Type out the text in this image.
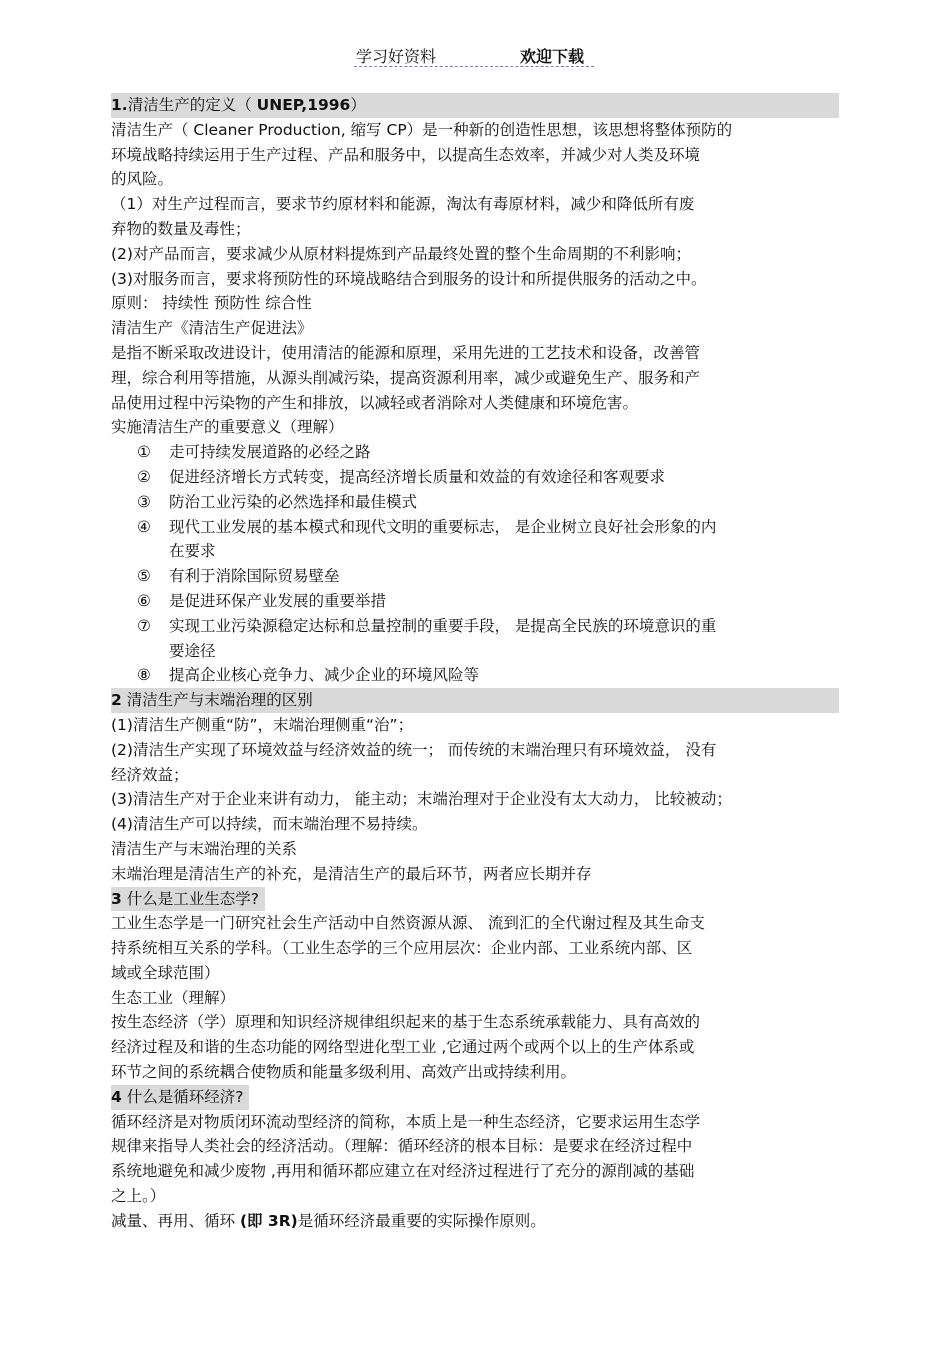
学习好资料	欢迎下载
1.清洁生产的定义（ UNEP,1996）
清洁生产（ Cleaner Production, 缩写 CP）是一种新的创造性思想，该思想将整体预防的
环境战略持续运用于生产过程、产品和服务中，以提高生态效率，并减少对人类及环境
的风险。
（1）对生产过程而言，要求节约原材料和能源，淘汰有毒原材料，减少和降低所有废
弃物的数量及毒性；
(2)对产品而言，要求减少从原材料提炼到产品最终处置的整个生命周期的不利影响；
(3)对服务而言，要求将预防性的环境战略结合到服务的设计和所提供服务的活动之中。
原则： 持续性 预防性 综合性
清洁生产《清洁生产促进法》
是指不断采取改进设计，使用清洁的能源和原理，采用先进的工艺技术和设备，改善管
理，综合利用等措施，从源头削减污染，提高资源利用率，减少或避免生产、服务和产
品使用过程中污染物的产生和排放，以减轻或者消除对人类健康和环境危害。
实施清洁生产的重要意义（理解）
① 走可持续发展道路的必经之路
② 促进经济增长方式转变，提高经济增长质量和效益的有效途径和客观要求
③ 防治工业污染的必然选择和最佳模式
④ 现代工业发展的基本模式和现代文明的重要标志， 是企业树立良好社会形象的内
在要求
⑤ 有利于消除国际贸易壁垒
⑥ 是促进环保产业发展的重要举措
⑦ 实现工业污染源稳定达标和总量控制的重要手段， 是提高全民族的环境意识的重
要途径
⑧ 提高企业核心竞争力、减少企业的环境风险等
2 清洁生产与末端治理的区别
(1)清洁生产侧重“防”，末端治理侧重“治”；
(2)清洁生产实现了环境效益与经济效益的统一； 而传统的末端治理只有环境效益， 没有
经济效益；
(3)清洁生产对于企业来讲有动力， 能主动；末端治理对于企业没有太大动力， 比较被动；
(4)清洁生产可以持续，而末端治理不易持续。
清洁生产与末端治理的关系
末端治理是清洁生产的补充，是清洁生产的最后环节，两者应长期并存
3 什么是工业生态学?
工业生态学是一门研究社会生产活动中自然资源从源、 流到汇的全代谢过程及其生命支
持系统相互关系的学科。（工业生态学的三个应用层次：企业内部、工业系统内部、区
域或全球范围）
生态工业（理解）
按生态经济（学）原理和知识经济规律组织起来的基于生态系统承载能力、具有高效的
经济过程及和谐的生态功能的网络型进化型工业 ,它通过两个或两个以上的生产体系或
环节之间的系统耦合使物质和能量多级利用、高效产出或持续利用。
4 什么是循环经济?
循环经济是对物质闭环流动型经济的简称，本质上是一种生态经济，它要求运用生态学
规律来指导人类社会的经济活动。（理解：循环经济的根本目标：是要求在经济过程中
系统地避免和减少废物 ,再用和循环都应建立在对经济过程进行了充分的源削减的基础
之上。）
减量、再用、循环 (即 3R)是循环经济最重要的实际操作原则。
